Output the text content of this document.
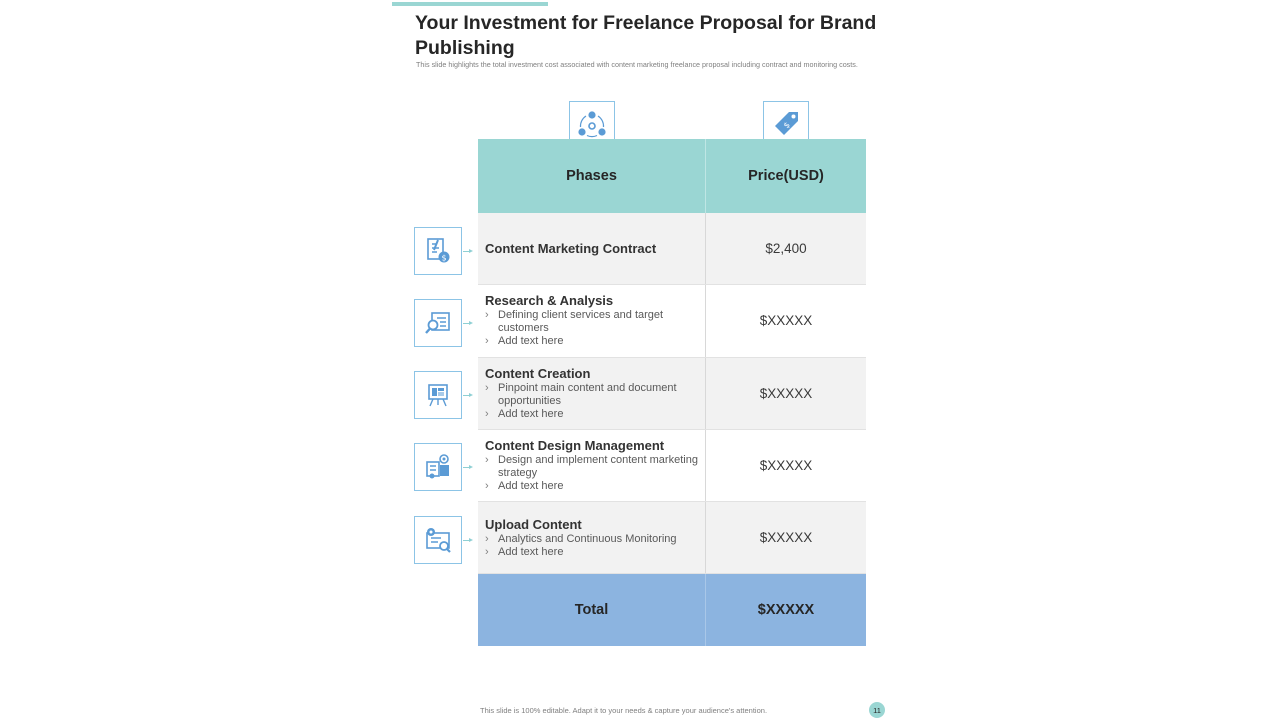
Your Investment for Freelance Proposal for Brand Publishing

This slide highlights the total investment cost associated with content marketing freelance proposal including contract and monitoring costs.

$
$
Phases	Price(USD)
Content Marketing Contract	$2,400
Research & Analysis
› Defining client services and target customers
› Add text here
$XXXXX
Content Creation
› Pinpoint main content and document opportunities
› Add text here
$XXXXX
Content Design Management
› Design and implement content marketing strategy
› Add text here
$XXXXX
Upload Content
› Analytics and Continuous Monitoring
› Add text here
$XXXXX
Total	$XXXXX
This slide is 100% editable. Adapt it to your needs & capture your audience's attention.	11
